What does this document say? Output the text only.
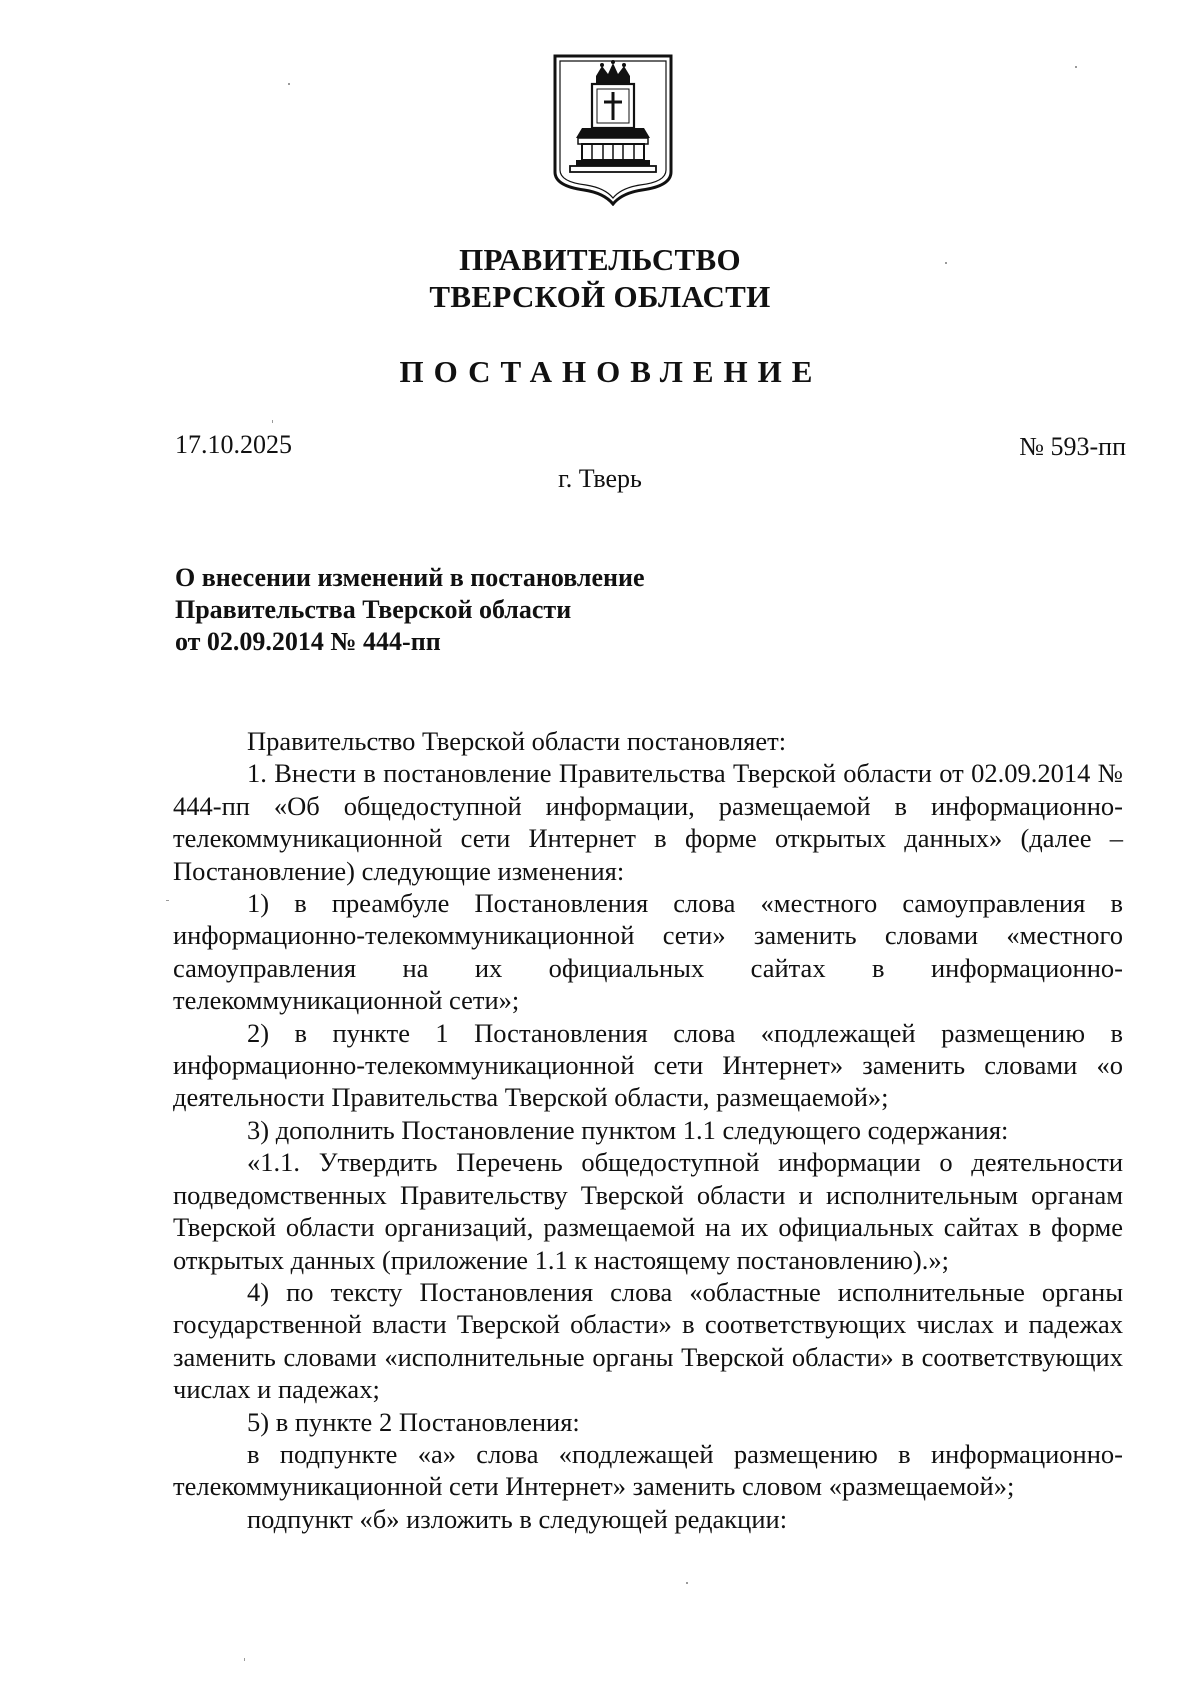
ПРАВИТЕЛЬСТВО
ТВЕРСКОЙ ОБЛАСТИ
ПОСТАНОВЛЕНИЕ
17.10.2025	№ 593-пп
г. Тверь
О внесении изменений в постановление
Правительства Тверской области
от 02.09.2014 № 444-пп

Правительство Тверской области постановляет:

1. Внести в постановление Правительства Тверской области от 02.09.2014 № 444-пп «Об общедоступной информации, размещаемой в информационно-телекоммуникационной сети Интернет в форме открытых данных» (далее – Постановление) следующие изменения:

1) в преамбуле Постановления слова «местного самоуправления в информационно-телекоммуникационной сети» заменить словами «местного самоуправления на их официальных сайтах в информационно-телекоммуникационной сети»;

2) в пункте 1 Постановления слова «подлежащей размещению в информационно-телекоммуникационной сети Интернет» заменить словами «о деятельности Правительства Тверской области, размещаемой»;

3) дополнить Постановление пунктом 1.1 следующего содержания:

«1.1. Утвердить Перечень общедоступной информации о деятельности подведомственных Правительству Тверской области и исполнительным органам Тверской области организаций, размещаемой на их официальных сайтах в форме открытых данных (приложение 1.1 к настоящему постановлению).»;

4) по тексту Постановления слова «областные исполнительные органы государственной власти Тверской области» в соответствующих числах и падежах заменить словами «исполнительные органы Тверской области» в соответствующих числах и падежах;

5) в пункте 2 Постановления:

в подпункте «а» слова «подлежащей размещению в информационно-телекоммуникационной сети Интернет» заменить словом «размещаемой»;

подпункт «б» изложить в следующей редакции:
